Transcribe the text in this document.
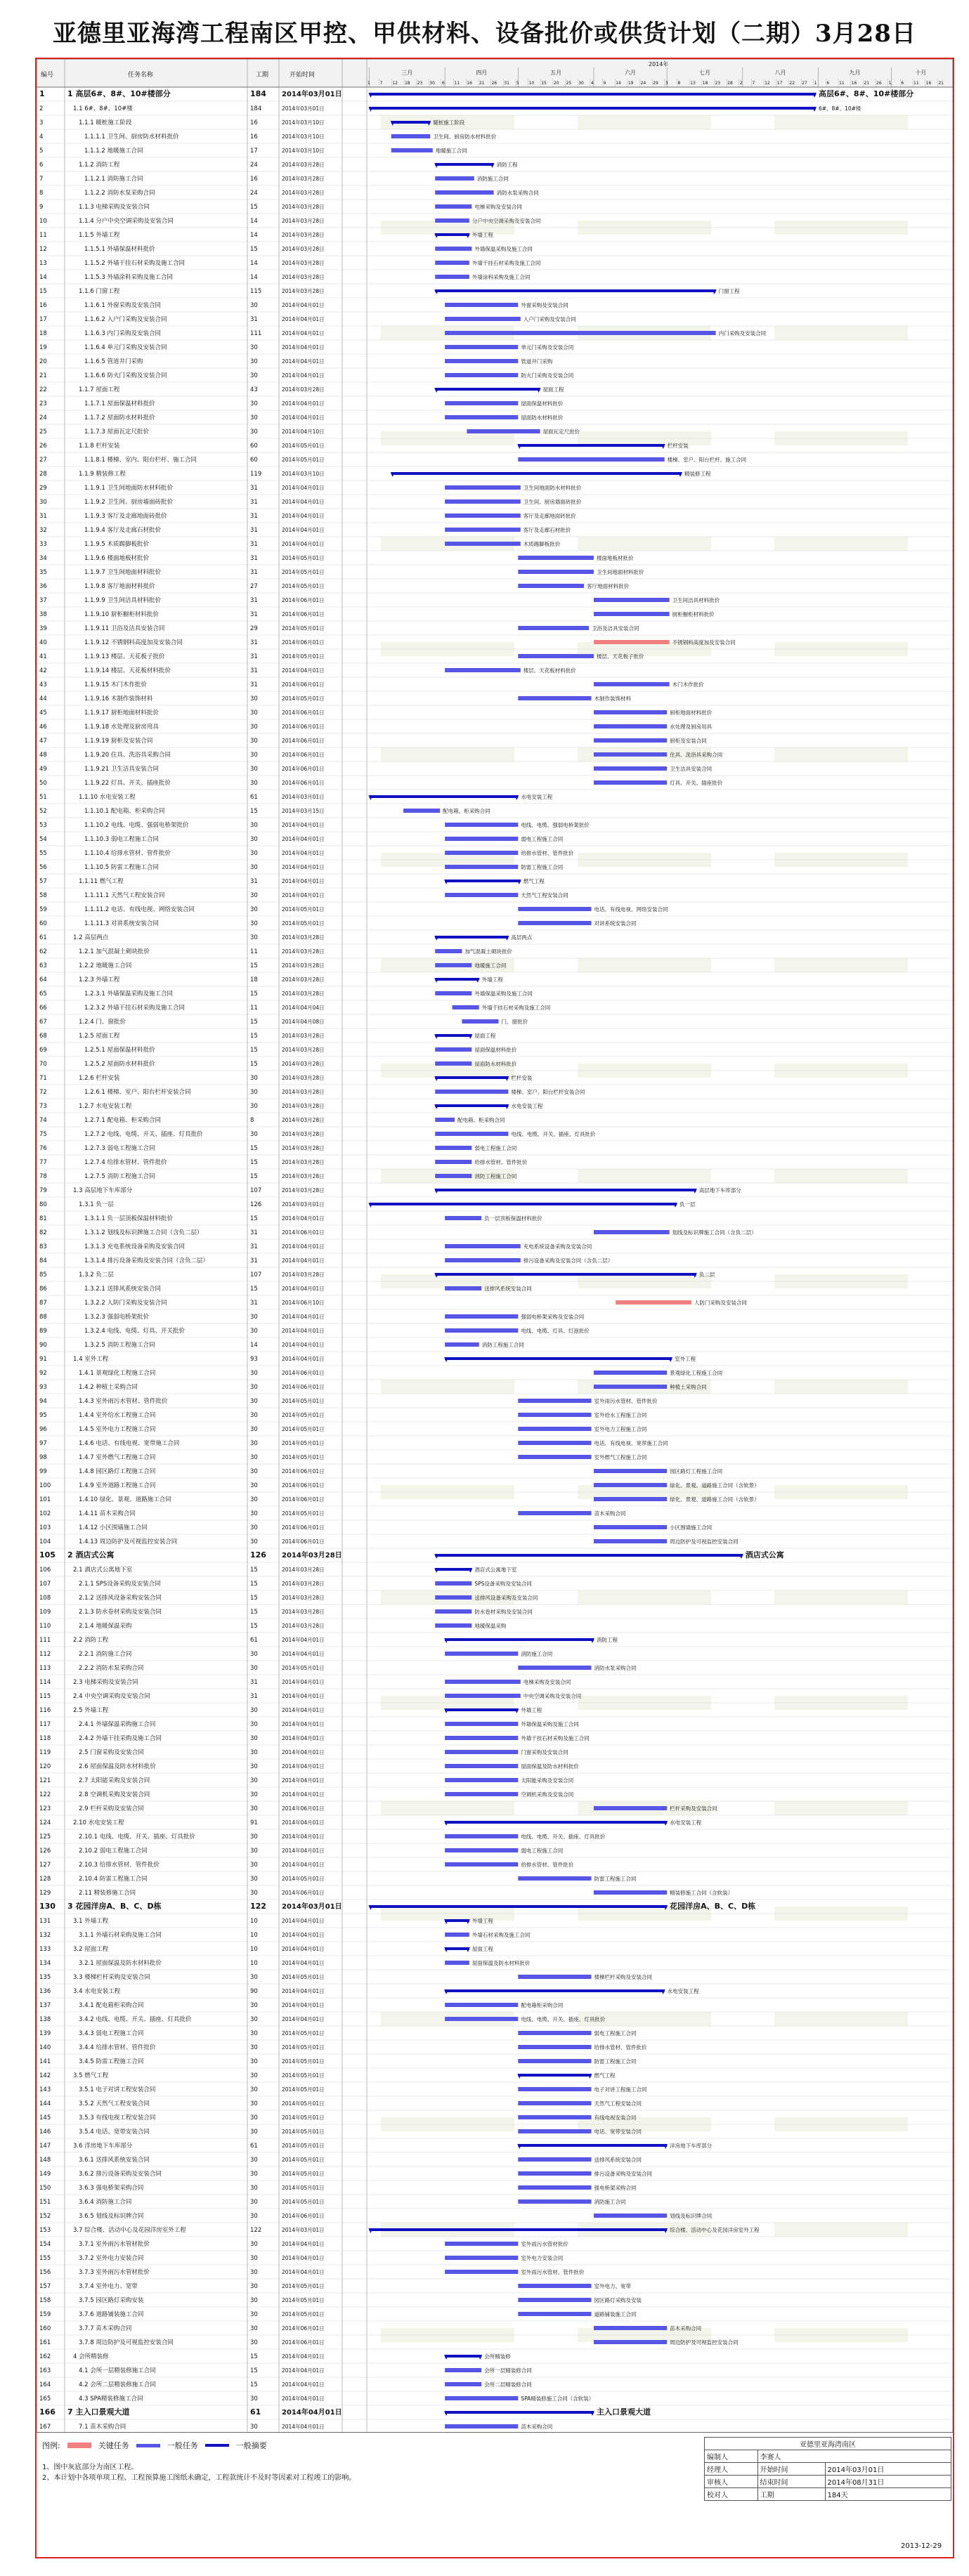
亚德里亚海湾工程南区甲控、甲供材料、设备批价或供货计划（二期）3月28日
编号	任务名称	工期	开始时间
2014年
三月	四月	五月	六月	七月	八月	九月	十月
1 7 12 18 23 30 6 11 16 21 26 31 5 10 15 20 25 30 4 9 14 19 24 29 3 8 13 18 23 28 2 7 12 17 22 27 1 6 11 16 21 26 1 6 11 16 21
1	1 高层6#、8#、10#楼部分	184 2014年03月01日	高层6#、8#、10#楼部分
2	1.1 6#、8#、10#楼	184	2014年03月01日	6#、8#、10#楼
3	1.1.1 暖桩施工阶段	16	2014年03月10日	暖桩施工阶段
4	1.1.1.1 卫生间、厨房防水材料批价	16	2014年03月10日	卫生间、厨房防水材料批价
5	1.1.1.2 地暖施工合同	17	2014年03月10日	地暖施工合同
6	1.1.2 消防工程	24	2014年03月28日	消防工程
7	1.1.2.1 消防施工合同	16	2014年03月28日	消防施工合同
8	1.1.2.2 消防水泵采购合同	24	2014年03月28日	消防水泵采购合同
9	1.1.3 电梯采购及安装合同	15	2014年03月28日	电梯采购及安装合同
10	1.1.4 分户中央空调采购及安装合同	14	2014年03月28日	分户中央空调采购及安装合同
11	1.1.5 外墙工程	14	2014年03月28日	外墙工程
12	1.1.5.1 外墙保温材料批价	15	2014年03月28日	外墙保温采购及施工合同
13	1.1.5.2 外墙干挂石材采购及施工合同	14	2014年03月28日	外墙干挂石材采购及施工合同
14	1.1.5.3 外墙涂料采购及施工合同	14	2014年03月28日	外墙涂料采购及施工合同
15	1.1.6 门窗工程	115	2014年03月28日	门窗工程
16	1.1.6.1 外窗采购及安装合同	30	2014年04月01日	外窗采购及安装合同
17	1.1.6.2 入户门采购及安装合同	31	2014年04月01日	入户门采购及安装合同
18	1.1.6.3 内门采购及安装合同	111	2014年04月01日	内门采购及安装合同
19	1.1.6.4 单元门采购及安装合同	30	2014年04月01日	单元门采购及安装合同
20	1.1.6.5 管道井门采购	30	2014年04月01日	管道井门采购
21	1.1.6.6 防火门采购及安装合同	30	2014年04月01日	防火门采购及安装合同
22	1.1.7 屋面工程	43	2014年03月28日	屋面工程
23	1.1.7.1 屋面保温材料批价	30	2014年04月01日	屋面保温材料批价
24	1.1.7.2 屋面防水材料批价	30	2014年04月01日	屋面防水材料批价
25	1.1.7.3 屋面瓦定尺批价	30	2014年04月10日	屋面瓦定尺批价
26	1.1.8 栏杆安装	60	2014年05月01日	栏杆安装
27	1.1.8.1 楼梯、室内、阳台栏杆、施工合同	60	2014年05月01日	楼梯、室户、阳台栏杆、施工合同
28	1.1.9 精装修工程	119	2014年03月10日	精装修工程
29	1.1.9.1 卫生间地面防水材料批价	31	2014年04月01日	卫生间地面防水材料批价
30	1.1.9.2 卫生间、厨房墙面砖批价	31	2014年04月01日	卫生间、厨房墙面砖批价
31	1.1.9.3 客厅及走廊地面砖批价	31	2014年04月01日	客厅及走廊地面砖批价
32	1.1.9.4 客厅及走廊石材批价	31	2014年04月01日	客厅及走廊石材批价
33	1.1.9.5 木质踢脚板批价	31	2014年04月01日	木质踢脚板批价
34	1.1.9.6 楼面地板材批价	31	2014年05月01日	楼面地板材批价
35	1.1.9.7 卫生间地面材料批价	31	2014年05月01日	卫生间地面材料批价
36	1.1.9.8 客厅地面材料批价	27	2014年05月01日	客厅地面材料批价
37	1.1.9.9 卫生间洁具材料批价	31	2014年06月01日	卫生间洁具材料批价
38	1.1.9.10 厨柜橱柜材料批价	31	2014年06月01日	厨柜橱柜材料批价
39	1.1.9.11 卫浴及洁具安装合同	29	2014年05月01日	卫浴及洁具安装合同
40	1.1.9.12 不锈钢料高度加及安装合同	31	2014年06月01日	不锈钢料高度加及安装合同
41	1.1.9.13 楼层、天花板子批价	31	2014年05月01日	楼层、天花板子批价
42	1.1.9.14 楼层、天花板材料批价	31	2014年04月01日	楼层、天花板材料批价
43	1.1.9.15 木门木作批价	31	2014年06月01日	木门木作批价
44	1.1.9.16 木制作装饰材料	30	2014年05月01日	木制作装饰材料
45	1.1.9.17 厨柜地面材料批价	30	2014年06月01日	厨柜地面材料批价
46	1.1.9.18 水处理及厨房用具	30	2014年06月01日	水处理及厨房用具
47	1.1.9.19 厨柜及安装合同	30	2014年06月01日	厨柜及安装合同
48	1.1.9.20 住具、洗浴具采购合同	30	2014年06月01日	住具、洗浴具采购合同
49	1.1.9.21 卫生洁具安装合同	30	2014年06月01日	卫生洁具安装合同
50	1.1.9.22 灯具、开关、插座批价	30	2014年06月01日	灯具、开关、插座批价
51	1.1.10 水电安装工程	61	2014年03月01日	水电安装工程
52	1.1.10.1 配电箱、柜采购合同	15	2014年03月15日	配电箱、柜采购合同
53	1.1.10.2 电线、电缆、强弱电桥架批价	30	2014年04月01日	电线、电缆、强弱电桥架批价
54	1.1.10.3 弱电工程施工合同	30	2014年04月01日	弱电工程施工合同
55	1.1.10.4 给排水管材、管件批价	30	2014年04月01日	给排水管材、管件批价
56	1.1.10.5 防雷工程施工合同	30	2014年04月01日	防雷工程施工合同
57	1.1.11 燃气工程	31	2014年04月01日	燃气工程
58	1.1.11.1 天然气工程安装合同	30	2014年04月01日	天然气工程安装合同
59	1.1.11.2 电话、有线电视、网络安装合同	30	2014年05月01日	电话、有线电视、网络安装合同
60	1.1.11.3 对讲系统安装合同	30	2014年05月01日	对讲系统安装合同
61	1.2 高层两点	30	2014年03月28日	高层两点
62	1.2.1 加气混凝土砌块批价	11	2014年03月28日	加气混凝土砌块批价
63	1.2.2 地暖施工合同	15	2014年03月28日	地暖施工合同
64	1.2.3 外墙工程	18	2014年03月28日	外墙工程
65	1.2.3.1 外墙保温采购及施工合同	15	2014年03月28日	外墙保温采购及施工合同
66	1.2.3.2 外墙干挂石材采购及施工合同	11	2014年04月04日	外墙干挂石材采购及施工合同
67	1.2.4 门、窗批价	15	2014年04月08日	门、窗批价
68	1.2.5 屋面工程	15	2014年03月28日	屋面工程
69	1.2.5.1 屋面保温材料批价	15	2014年03月28日	屋面保温材料批价
70	1.2.5.2 屋面防水材料批价	15	2014年03月28日	屋面防水材料批价
71	1.2.6 栏杆安装	30	2014年03月28日	栏杆安装
72	1.2.6.1 楼梯、室户、阳台栏杆安装合同	30	2014年03月28日	楼梯、室户、阳台栏杆安装合同
73	1.2.7 水电安装工程	30	2014年03月28日	水电安装工程
74	1.2.7.1 配电箱、柜采购合同	8	2014年03月28日	配电箱、柜采购合同
75	1.2.7.2 电线、电缆、开关、插座、灯具批价	30	2014年03月28日	电线、电缆、开关、插座、灯具批价
76	1.2.7.3 弱电工程施工合同	15	2014年03月28日	弱电工程施工合同
77	1.2.7.4 给排水管材、管件批价	15	2014年03月28日	给排水管材、管件批价
78	1.2.7.5 消防工程施工合同	15	2014年03月28日	消防工程施工合同
79	1.3 高层地下车库部分	107	2014年03月28日	高层地下车库部分
80	1.3.1 负一层	126	2014年03月01日	负一层
81	1.3.1.1 负一层顶板保温材料批价	15	2014年04月01日	负一层顶板保温材料批价
82	1.3.1.2 划线及标识牌施工合同（含负二层）	31	2014年06月01日	划线及标识牌施工合同（含负二层）
83	1.3.1.3 充电系统设备采购及安装合同	31	2014年04月01日	充电系统设备采购及安装合同
84	1.3.1.4 排污设备采购及安装合同（含负二层）	31	2014年04月01日	排污设备采购及安装合同（含负二层）
85	1.3.2 负二层	107	2014年03月28日	负二层
86	1.3.2.1 送排风系统安装合同	15	2014年04月01日	送排风系统安装合同
87	1.3.2.2 人防门采购及安装合同	31	2014年06月10日	人防门采购及安装合同
88	1.3.2.3 强弱电桥架批价	30	2014年04月01日	强弱电桥架采购及安装合同
89	1.3.2.4 电线、电缆、灯具、开关批价	30	2014年04月01日	电线、电缆、灯具、灯泡批价
90	1.3.2.5 消防工程施工合同	14	2014年04月01日	消防工程施工合同
91	1.4 室外工程	93	2014年04月01日	室外工程
92	1.4.1 景观绿化工程施工合同	30	2014年06月01日	景观绿化工程施工合同
93	1.4.2 种植土采购合同	30	2014年06月01日	种植土采购合同
94	1.4.3 室外雨污水管材、管件批价	30	2014年05月01日	室外雨污水管材、管件批价
95	1.4.4 室外给水工程施工合同	30	2014年05月01日	室外给水工程施工合同
96	1.4.5 室外电力工程施工合同	30	2014年05月01日	室外电力工程施工合同
97	1.4.6 电话、有线电视、宽带施工合同	30	2014年05月01日	电话、有线电视、宽带施工合同
98	1.4.7 室外燃气工程施工合同	30	2014年05月01日	室外燃气工程施工合同
99	1.4.8 园区路灯工程施工合同	30	2014年06月01日	园区路灯工程施工合同
100	1.4.9 室外道路工程施工合同	30	2014年06月01日	绿化、景观、道路施工合同（含软景）
101	1.4.10 绿化、景观、道路施工合同	30	2014年06月01日	绿化、景观、道路施工合同（含软景）
102	1.4.11 苗木采购合同	30	2014年05月01日	苗木采购合同
103	1.4.12 小区围墙施工合同	30	2014年06月01日	小区围墙施工合同
104	1.4.13 周边防护及可视监控安装合同	30	2014年06月01日	周边防护及可视监控安装合同
105 2 酒店式公寓	126 2014年03月28日	酒店式公寓
106	2.1 酒店式公寓地下室	15	2014年03月28日	酒店式公寓地下室
107	2.1.1 SPS设备采购及安装合同	15	2014年03月28日	SPS设备采购及安装合同
108	2.1.2 送排风设备采购安装合同	15	2014年03月28日	送排风设备采购及安装合同
109	2.1.3 防水卷材采购及安装合同	15	2014年03月28日	防水卷材采购及安装合同
110	2.1.4 地暖保温采购	15	2014年03月28日	地暖保温采购
111	2.2 消防工程	61	2014年04月01日	消防工程
112	2.2.1 消防施工合同	30	2014年04月01日	消防施工合同
113	2.2.2 消防水泵采购合同	30	2014年05月01日	消防水泵采购合同
114	2.3 电梯采购及安装合同	31	2014年04月01日	电梯采购及安装合同
115	2.4 中央空调采购及安装合同	31	2014年04月01日	中央空调采购及安装合同
116	2.5 外墙工程	30	2014年04月01日	外墙工程
117	2.4.1 外墙保温采购施工合同	30	2014年04月01日	外墙保温采购及施工合同
118	2.4.2 外墙干挂采购及施工合同	30	2014年04月01日	外墙干挂石材采购及施工合同
119	2.5 门窗采购及安装合同	30	2014年04月01日	门窗采购及安装合同
120	2.6 屋面保温及防水材料批价	30	2014年04月01日	屋面保温及防水材料批价
121	2.7 太阳能采购及安装合同	30	2014年04月01日	太阳能采购及安装合同
122	2.8 空调机采购及安装合同	30	2014年04月01日	空调机采购及安装合同
123	2.9 栏杆采购及安装合同	30	2014年06月01日	栏杆采购及安装合同
124	2.10 水电安装工程	91	2014年04月01日	水电安装工程
125	2.10.1 电线、电缆、开关、插座、灯具批价	30	2014年04月01日	电线、电缆、开关、插座、灯具批价
126	2.10.2 弱电工程施工合同	30	2014年04月01日	弱电工程施工合同
127	2.10.3 给排水管材、管件批价	30	2014年04月01日	给排水管材、管件批价
128	2.10.4 防雷工程施工合同	30	2014年05月01日	防雷工程施工合同
129	2.11 精装修施工合同	30	2014年06月01日	精装修施工合同（含软装）
130 3 花园洋房A、B、C、D栋	122 2014年03月01日	花园洋房A、B、C、D栋
131	3.1 外墙工程	10	2014年04月01日	外墙工程
132	3.1.1 外墙石材采购及施工合同	10	2014年04月01日	外墙石材采购及施工合同
133	3.2 屋面工程	10	2014年04月01日	屋面工程
134	3.2.1 屋面保温及防水材料批价	10	2014年04月01日	屋面保温及防水材料批价
135	3.3 楼梯栏杆采购及安装合同	30	2014年05月01日	楼梯栏杆采购及安装合同
136	3.4 水电安装工程	90	2014年04月01日	水电安装工程
137	3.4.1 配电箱柜采购合同	30	2014年04月01日	配电箱柜采购合同
138	3.4.2 电线、电缆、开关、插座、灯具批价	30	2014年04月01日	电线、电缆、开关、插座、灯具批价
139	3.4.3 弱电工程施工合同	30	2014年05月01日	弱电工程施工合同
140	3.4.4 给排水管材、管件批价	30	2014年05月01日	给排水管材、管件批价
141	3.4.5 防雷工程施工合同	30	2014年05月01日	防雷工程施工合同
142	3.5 燃气工程	30	2014年05月01日	燃气工程
143	3.5.1 电子对讲工程安装合同	30	2014年05月01日	电子对讲工程施工合同
144	3.5.2 天然气工程安装合同	30	2014年05月01日	天然气工程安装合同
145	3.5.3 有线电视工程安装合同	30	2014年05月01日	有线电视安装合同
146	3.5.4 电话、宽带安装合同	30	2014年05月01日	电话、宽带安装合同
147	3.6 洋房地下车库部分	61	2014年05月01日	洋房地下车库部分
148	3.6.1 送排风系统安装合同	30	2014年05月01日	送排风系统安装合同
149	3.6.2 排污设备采购及安装合同	30	2014年05月01日	排污设备采购及安装合同
150	3.6.3 强电桥架采购合同	30	2014年05月01日	强电桥架采购合同
151	3.6.4 消防施工合同	30	2014年05月01日	消防施工合同
152	3.6.5 划线及标识牌合同	30	2014年06月01日	划线及标识牌合同
153	3.7 综合楼、活动中心及花园洋房室外工程	122	2014年03月01日	综合楼、活动中心及花园洋房室外工程
154	3.7.1 室外雨污水管材批价	30	2014年04月01日	室外雨污水管材批价
155	3.7.2 室外电力安装合同	30	2014年04月01日	室外电力安装合同
156	3.7.3 室外雨污水管材批价	30	2014年04月01日	室外雨污水管材、管件批价
157	3.7.4 室外电力、宽带	30	2014年05月01日	室外电力、宽带
158	3.7.5 园区路灯采购安装	30	2014年05月01日	园区路灯采购及安装
159	3.7.6 道路铺装施工合同	30	2014年05月01日	道路铺装施工合同
160	3.7.7 苗木采购合同	30	2014年06月01日	苗木采购合同
161	3.7.8 周边防护及可视监控安装合同	30	2014年06月01日	周边防护及可视监控安装合同
162	4 会所精装修	15	2014年04月01日	会所精装修
163	4.1 会所一层精装修施工合同	15	2014年04月01日	会所一层精装修合同
164	4.2 会所二层精装修施工合同	15	2014年04月01日	会所二层精装修合同
165	4.3 SPA精装修施工合同	30	2014年04月01日	SPA精装修施工合同（含软装）
166 7 主入口景观大道	61	2014年04月01日	主入口景观大道
167	7.1 苗木采购合同	30	2014年04月01日	苗木采购合同
图例:	关键任务	一般任务	一般摘要
1、图中灰底部分为南区工程。
2、本计划中各项单项工程、工程预算施工图纸未确定，工程款统计不及时等因素对工程竣工的影响。
亚德里亚海湾南区		
编制人	李赛人	
经理人	开始时间	2014年03月01日
审核人	结束时间	2014年08月31日
校对人	工期	184天
2013-12-29
